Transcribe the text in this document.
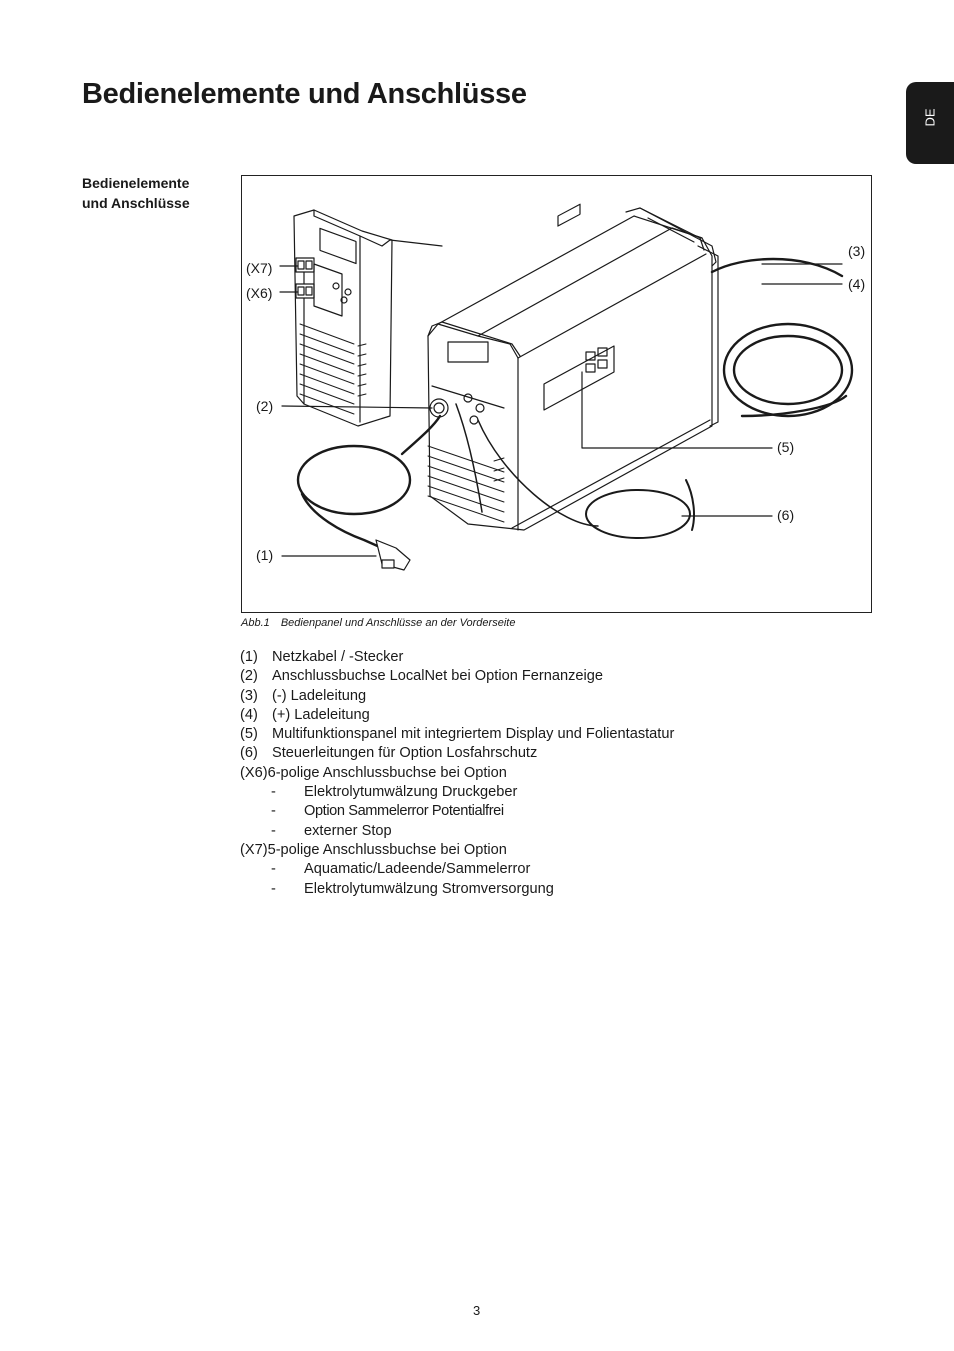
Bedienelemente und Anschlüsse
DE
Bedienelemente
und Anschlüsse
(X7)
(X6)
(2)
(1)
(3)
(4)
(5)
(6)
Abb.1 Bedienpanel und Anschlüsse an der Vorderseite
(1) Netzkabel / -Stecker
(2) Anschlussbuchse LocalNet bei Option Fernanzeige
(3) (-) Ladeleitung
(4) (+) Ladeleitung
(5) Multifunktionspanel mit integriertem Display und Folientastatur
(6) Steuerleitungen für Option Losfahrschutz
(X6)6-polige Anschlussbuchse bei Option
- Elektrolytumwälzung Druckgeber
- Option Sammelerror Potentialfrei
- externer Stop
(X7)5-polige Anschlussbuchse bei Option
- Aquamatic/Ladeende/Sammelerror
- Elektrolytumwälzung Stromversorgung
3
